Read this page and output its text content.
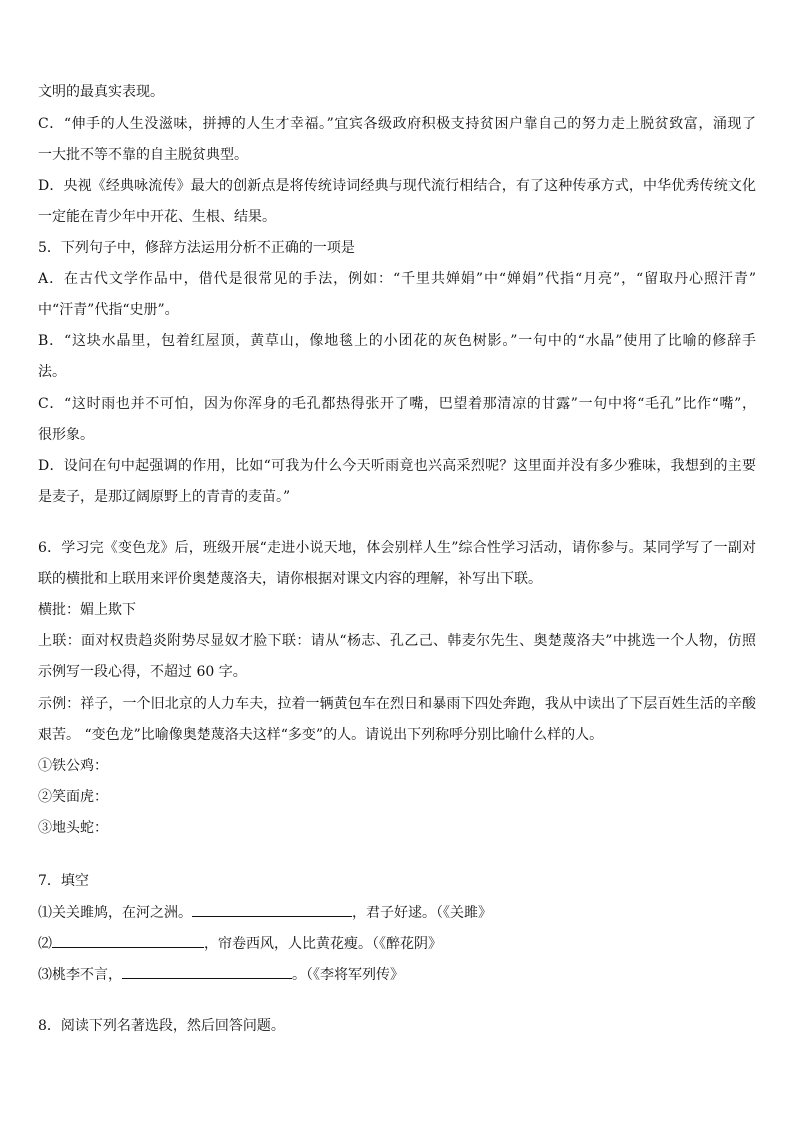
文明的最真实表现。
C．“伸手的人生没滋味，拼搏的人生才幸福。”宜宾各级政府积极支持贫困户靠自己的努力走上脱贫致富，涌现了
一大批不等不靠的自主脱贫典型。
D．央视《经典咏流传》最大的创新点是将传统诗词经典与现代流行相结合，有了这种传承方式，中华优秀传统文化
一定能在青少年中开花、生根、结果。
5．下列句子中，修辞方法运用分析不正确的一项是
A．在古代文学作品中，借代是很常见的手法，例如：“千里共婵娟”中“婵娟”代指“月亮”，“留取丹心照汗青”
中“汗青”代指“史册”。
B．“这块水晶里，包着红屋顶，黄草山，像地毯上的小团花的灰色树影。”一句中的“水晶”使用了比喻的修辞手
法。
C．“这时雨也并不可怕，因为你浑身的毛孔都热得张开了嘴，巴望着那清凉的甘露”一句中将“毛孔”比作“嘴”，
很形象。
D．设问在句中起强调的作用，比如“可我为什么今天听雨竟也兴高采烈呢？这里面并没有多少雅味，我想到的主要
是麦子，是那辽阔原野上的青青的麦苗。”
6．学习完《变色龙》后，班级开展“走进小说天地，体会别样人生”综合性学习活动，请你参与。某同学写了一副对
联的横批和上联用来评价奥楚蔑洛夫，请你根据对课文内容的理解，补写出下联。
横批：媚上欺下
上联：面对权贵趋炎附势尽显奴才脸下联：请从“杨志、孔乙己、韩麦尔先生、奥楚蔑洛夫”中挑选一个人物，仿照
示例写一段心得，不超过 60 字。
示例：祥子，一个旧北京的人力车夫，拉着一辆黄包车在烈日和暴雨下四处奔跑，我从中读出了下层百姓生活的辛酸
艰苦。 “变色龙”比喻像奥楚蔑洛夫这样“多变”的人。请说出下列称呼分别比喻什么样的人。
①铁公鸡：
②笑面虎：
③地头蛇：
7．填空
⑴关关雎鸠，在河之洲。	，君子好逑。（《关雎》
⑵	，帘卷西风，人比黄花瘦。（《醉花阴》
⑶桃李不言，	。（《李将军列传》
8．阅读下列名著选段，然后回答问题。
